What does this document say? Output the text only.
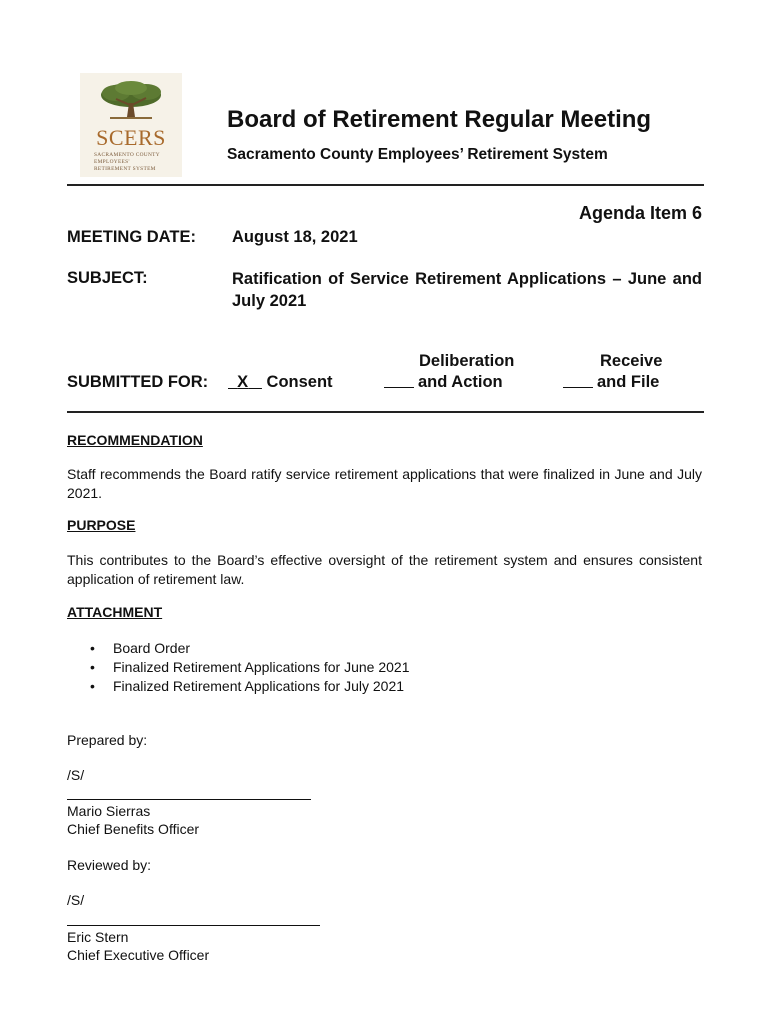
SCERS
SACRAMENTO COUNTY
EMPLOYEES'
RETIREMENT SYSTEM
Board of Retirement Regular Meeting
Sacramento County Employees’ Retirement System
Agenda Item 6
MEETING DATE: August 18, 2021
SUBJECT:	Ratification of Service Retirement Applications – June and July 2021
SUBMITTED FOR:	X Consent
Deliberation
and Action
Receive
and File
RECOMMENDATION
Staff recommends the Board ratify service retirement applications that were finalized in June and July 2021.
PURPOSE
This contributes to the Board’s effective oversight of the retirement system and ensures consistent application of retirement law.
ATTACHMENT
• Board Order
• Finalized Retirement Applications for June 2021
• Finalized Retirement Applications for July 2021
Prepared by:
/S/
Mario Sierras
Chief Benefits Officer
Reviewed by:
/S/
Eric Stern
Chief Executive Officer
